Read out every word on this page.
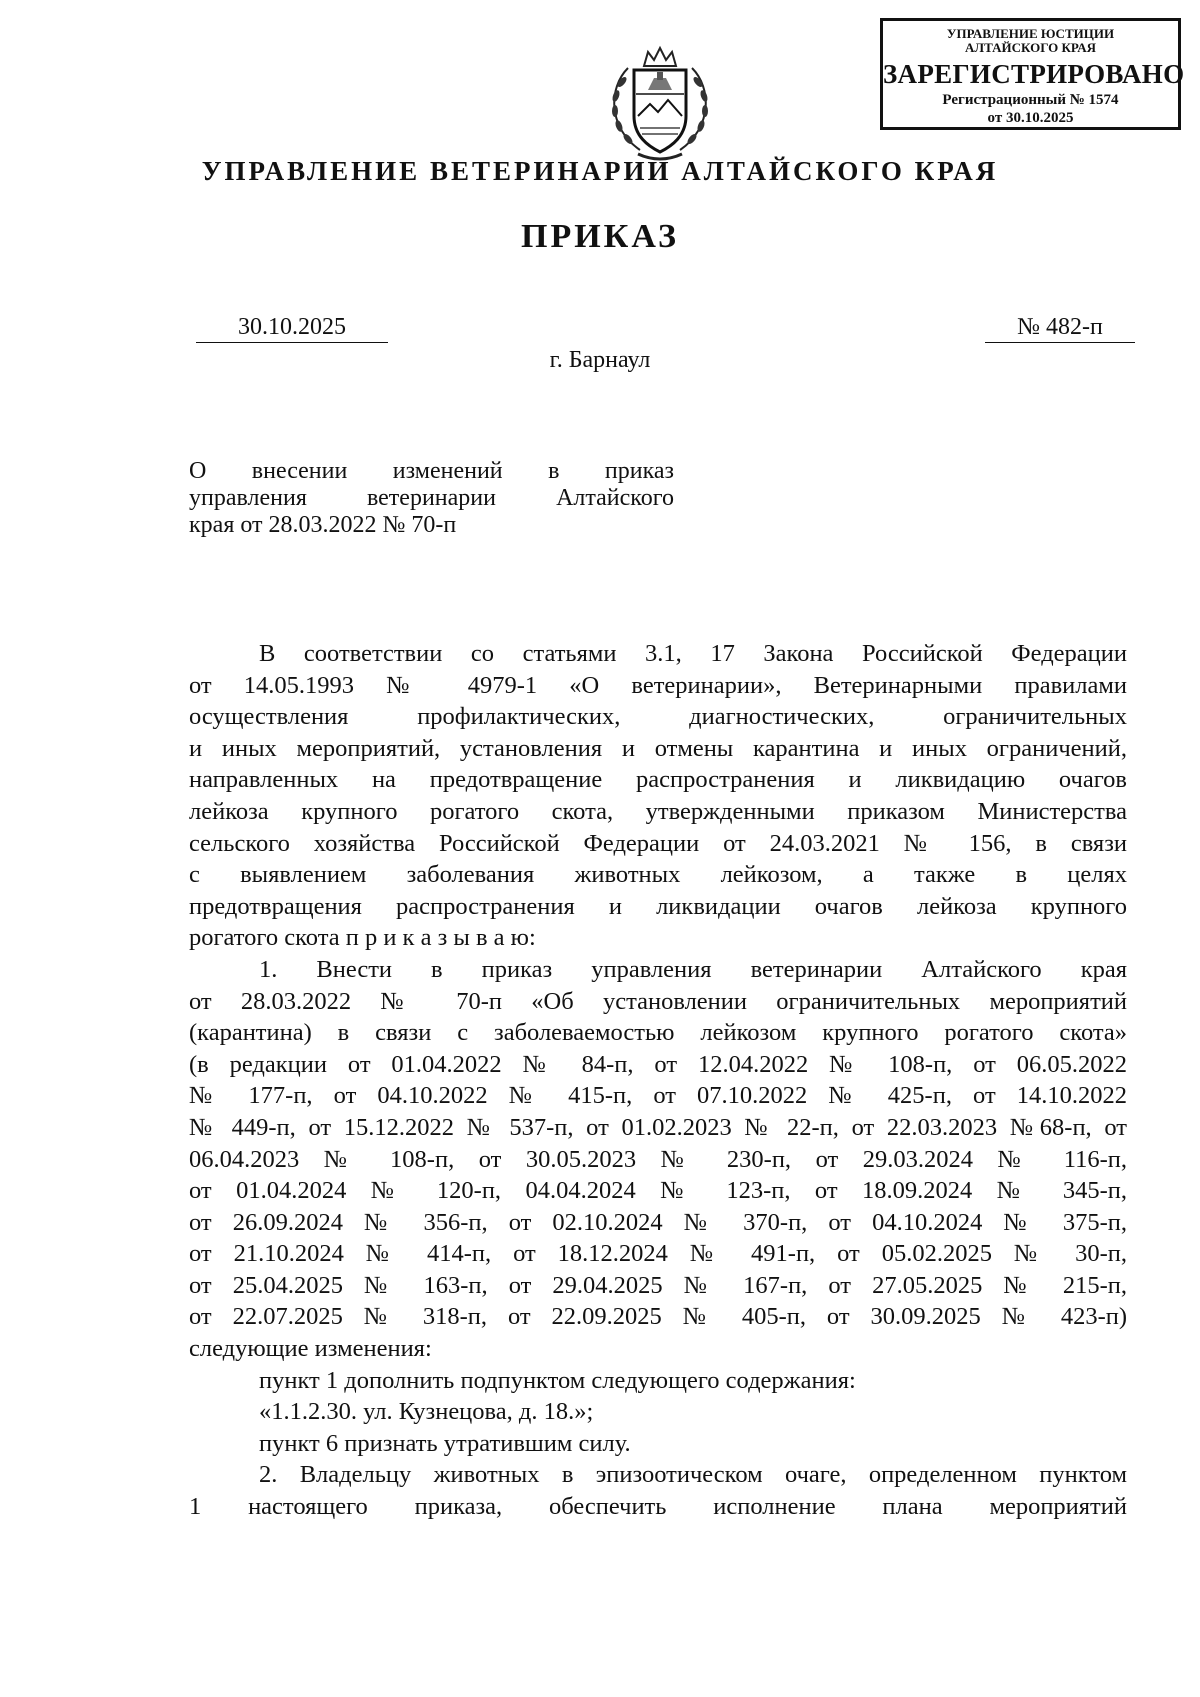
УПРАВЛЕНИЕ ЮСТИЦИИ
АЛТАЙСКОГО КРАЯ
ЗАРЕГИСТРИРОВАНО
Регистрационный № 1574
от 30.10.2025
УПРАВЛЕНИЕ ВЕТЕРИНАРИИ АЛТАЙСКОГО КРАЯ
ПРИКАЗ
30.10.2025	№ 482-п
г. Барнаул
О внесении изменений в приказ
управления ветеринарии Алтайского
края от 28.03.2022 № 70-п
В соответствии со статьями 3.1, 17 Закона Российской Федерации
от 14.05.1993 № 4979-1 «О ветеринарии», Ветеринарными правилами
осуществления профилактических, диагностических, ограничительных
и иных мероприятий, установления и отмены карантина и иных ограничений,
направленных на предотвращение распространения и ликвидацию очагов
лейкоза крупного рогатого скота, утвержденными приказом Министерства
сельского хозяйства Российской Федерации от 24.03.2021 № 156, в связи
с выявлением заболевания животных лейкозом, а также в целях
предотвращения распространения и ликвидации очагов лейкоза крупного
рогатого скота п р и к а з ы в а ю:
1. Внести в приказ управления ветеринарии Алтайского края
от 28.03.2022 № 70-п «Об установлении ограничительных мероприятий
(карантина) в связи с заболеваемостью лейкозом крупного рогатого скота»
(в редакции от 01.04.2022 № 84-п, от 12.04.2022 № 108-п, от 06.05.2022
№ 177-п, от 04.10.2022 № 415-п, от 07.10.2022 № 425-п, от 14.10.2022
№ 449-п, от 15.12.2022 № 537-п, от 01.02.2023 № 22-п, от 22.03.2023 №68-п, от
06.04.2023 № 108-п, от 30.05.2023 № 230-п, от 29.03.2024 № 116-п,
от 01.04.2024 № 120-п, 04.04.2024 № 123-п, от 18.09.2024 № 345-п,
от 26.09.2024 № 356-п, от 02.10.2024 № 370-п, от 04.10.2024 № 375-п,
от 21.10.2024 № 414-п, от 18.12.2024 № 491-п, от 05.02.2025 № 30-п,
от 25.04.2025 № 163-п, от 29.04.2025 № 167-п, от 27.05.2025 № 215-п,
от 22.07.2025 № 318-п, от 22.09.2025 № 405-п, от 30.09.2025 № 423-п)
следующие изменения:
пункт 1 дополнить подпунктом следующего содержания:
«1.1.2.30. ул. Кузнецова, д. 18.»;
пункт 6 признать утратившим силу.
2. Владельцу животных в эпизоотическом очаге, определенном пунктом
1 настоящего приказа, обеспечить исполнение плана мероприятий
